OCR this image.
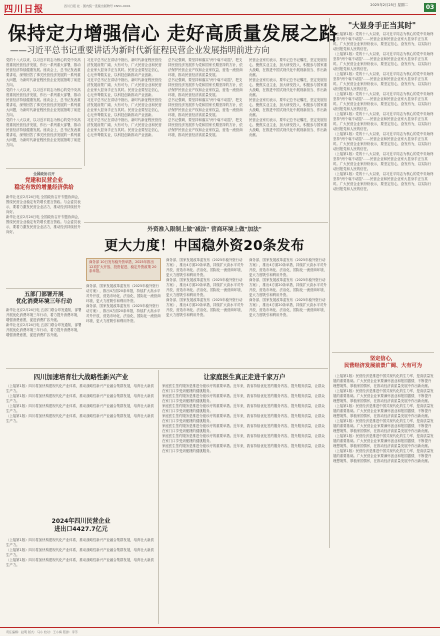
四川日报	四川日报 社 · 国内统一连续出版物号 CN51-0001	2025年2月25日 星期二	03
保持定力增强信心 走好高质量发展之路
——习近平总书记重要讲话为新时代新征程民营企业发展指明前进方向

党的十八大以来，以习近平同志为核心的党中央高度重视民营经济发展，作出一系列重大部署，推动民营经济持续健康发展。座谈会上，总书记发表重要讲话，深刻回答了事关民营经济发展的一系列重大问题，为新时代新征程民营企业发展指明了前进方向。

党的十八大以来，以习近平同志为核心的党中央高度重视民营经济发展，作出一系列重大部署，推动民营经济持续健康发展。座谈会上，总书记发表重要讲话，深刻回答了事关民营经济发展的一系列重大问题，为新时代新征程民营企业发展指明了前进方向。

党的十八大以来，以习近平同志为核心的党中央高度重视民营经济发展，作出一系列重大部署，推动民营经济持续健康发展。座谈会上，总书记发表重要讲话，深刻回答了事关民营经济发展的一系列重大问题，为新时代新征程民营企业发展指明了前进方向。

习近平总书记在讲话中指出，新时代新征程民营经济发展前景广阔、大有可为，广大民营企业和民营企业家大显身手正当其时。民营企业要坚定信心，心无旁骛做实业，以科技创新推动产业创新。

习近平总书记在讲话中指出，新时代新征程民营经济发展前景广阔、大有可为，广大民营企业和民营企业家大显身手正当其时。民营企业要坚定信心，心无旁骛做实业，以科技创新推动产业创新。

习近平总书记在讲话中指出，新时代新征程民营经济发展前景广阔、大有可为，广大民营企业和民营企业家大显身手正当其时。民营企业要坚定信心，心无旁骛做实业，以科技创新推动产业创新。

习近平总书记在讲话中指出，新时代新征程民营经济发展前景广阔、大有可为，广大民营企业和民营企业家大显身手正当其时。民营企业要坚定信心，心无旁骛做实业，以科技创新推动产业创新。

总书记强调，要坚持和落实"两个毫不动摇"，把支持民营经济发展作为党和国家长期坚持的方针，依法保护民营企业产权和企业家权益，营造一流营商环境，推动民营经济高质量发展。

总书记强调，要坚持和落实"两个毫不动摇"，把支持民营经济发展作为党和国家长期坚持的方针，依法保护民营企业产权和企业家权益，营造一流营商环境，推动民营经济高质量发展。

总书记强调，要坚持和落实"两个毫不动摇"，把支持民营经济发展作为党和国家长期坚持的方针，依法保护民营企业产权和企业家权益，营造一流营商环境，推动民营经济高质量发展。

总书记强调，要坚持和落实"两个毫不动摇"，把支持民营经济发展作为党和国家长期坚持的方针，依法保护民营企业产权和企业家权益，营造一流营商环境，推动民营经济高质量发展。

民营企业家们表示，要牢记总书记嘱托，坚定发展信心，聚焦实业主业，加大研发投入，积极参与国家重大战略，在推进中国式现代化中展现新担当、作出新贡献。

民营企业家们表示，要牢记总书记嘱托，坚定发展信心，聚焦实业主业，加大研发投入，积极参与国家重大战略，在推进中国式现代化中展现新担当、作出新贡献。

民营企业家们表示，要牢记总书记嘱托，坚定发展信心，聚焦实业主业，加大研发投入，积极参与国家重大战略，在推进中国式现代化中展现新担当、作出新贡献。

民营企业家们表示，要牢记总书记嘱托，坚定发展信心，聚焦实业主业，加大研发投入，积极参与国家重大战略，在推进中国式现代化中展现新担当、作出新贡献。

"大显身手正当其时"

（上接第1版）党的十八大以来，以习近平同志为核心的党中央始终坚持"两个毫不动摇"……民营企业和民营企业家大显身手正当其时。广大民营企业家纷纷表示，要坚定信心，奋发有为，以实际行动回报党和人民的信任。

（上接第1版）党的十八大以来，以习近平同志为核心的党中央始终坚持"两个毫不动摇"……民营企业和民营企业家大显身手正当其时。广大民营企业家纷纷表示，要坚定信心，奋发有为，以实际行动回报党和人民的信任。

（上接第1版）党的十八大以来，以习近平同志为核心的党中央始终坚持"两个毫不动摇"……民营企业和民营企业家大显身手正当其时。广大民营企业家纷纷表示，要坚定信心，奋发有为，以实际行动回报党和人民的信任。

（上接第1版）党的十八大以来，以习近平同志为核心的党中央始终坚持"两个毫不动摇"……民营企业和民营企业家大显身手正当其时。广大民营企业家纷纷表示，要坚定信心，奋发有为，以实际行动回报党和人民的信任。

（上接第1版）党的十八大以来，以习近平同志为核心的党中央始终坚持"两个毫不动摇"……民营企业和民营企业家大显身手正当其时。广大民营企业家纷纷表示，要坚定信心，奋发有为，以实际行动回报党和人民的信任。

（上接第1版）党的十八大以来，以习近平同志为核心的党中央始终坚持"两个毫不动摇"……民营企业和民营企业家大显身手正当其时。广大民营企业家纷纷表示，要坚定信心，奋发有为，以实际行动回报党和人民的信任。

（上接第1版）党的十八大以来，以习近平同志为核心的党中央始终坚持"两个毫不动摇"……民营企业和民营企业家大显身手正当其时。广大民营企业家纷纷表示，要坚定信心，奋发有为，以实际行动回报党和人民的信任。

（上接第1版）党的十八大以来，以习近平同志为核心的党中央始终坚持"两个毫不动摇"……民营企业和民营企业家大显身手正当其时。广大民营企业家纷纷表示，要坚定信心，奋发有为，以实际行动回报党和人民的信任。

全国政协召开
党建和民营企业
稳定有效的增量经济供给

新华社北京2月24日电 全国政协召开专题协商会，围绕民营企业稳定有效增长建言资政。与会委员表示，要着力激发民营企业活力，推动经济持续回升向好。

新华社北京2月24日电 全国政协召开专题协商会，围绕民营企业稳定有效增长建言资政。与会委员表示，要着力激发民营企业活力，推动经济持续回升向好。

五部门部署开展
优化消费环境三年行动

新华社北京2月24日电 五部门联合印发通知，部署开展优化消费环境三年行动，着力提升消费环境，增强消费意愿，促进消费扩容升级。

新华社北京2月24日电 五部门联合印发通知，部署开展优化消费环境三年行动，着力提升消费环境，增强消费意愿，促进消费扩容升级。

外资准入限制上做"减法" 营商环境上做"加法"
更大力度！中国稳外资20条发布
商务部 10日发布稳外资举措，2025年推出12项扩大开放、投资促进、稳定外资政策 20 条举措。

商务部、国家发展改革委发布《2025年稳外资行动方案》，推出4方面20条举措，持续扩大高水平对外开放，营造市场化、法治化、国际化一流营商环境，更大力度吸引和利用外资。

商务部、国家发展改革委发布《2025年稳外资行动方案》，推出4方面20条举措，持续扩大高水平对外开放，营造市场化、法治化、国际化一流营商环境，更大力度吸引和利用外资。

商务部、国家发展改革委发布《2025年稳外资行动方案》，推出4方面20条举措，持续扩大高水平对外开放，营造市场化、法治化、国际化一流营商环境，更大力度吸引和利用外资。

商务部、国家发展改革委发布《2025年稳外资行动方案》，推出4方面20条举措，持续扩大高水平对外开放，营造市场化、法治化、国际化一流营商环境，更大力度吸引和利用外资。

商务部、国家发展改革委发布《2025年稳外资行动方案》，推出4方面20条举措，持续扩大高水平对外开放，营造市场化、法治化、国际化一流营商环境，更大力度吸引和利用外资。

商务部、国家发展改革委发布《2025年稳外资行动方案》，推出4方面20条举措，持续扩大高水平对外开放，营造市场化、法治化、国际化一流营商环境，更大力度吸引和利用外资。

商务部、国家发展改革委发布《2025年稳外资行动方案》，推出4方面20条举措，持续扩大高水平对外开放，营造市场化、法治化、国际化一流营商环境，更大力度吸引和利用外资。

商务部、国家发展改革委发布《2025年稳外资行动方案》，推出4方面20条举措，持续扩大高水平对外开放，营造市场化、法治化、国际化一流营商环境，更大力度吸引和利用外资。

四川加速培育壮大战略性新兴产业

（上接第1版）四川将加快构建现代化产业体系，推动战略性新兴产业融合集群发展，培育壮大新质生产力。

（上接第1版）四川将加快构建现代化产业体系，推动战略性新兴产业融合集群发展，培育壮大新质生产力。

（上接第1版）四川将加快构建现代化产业体系，推动战略性新兴产业融合集群发展，培育壮大新质生产力。

（上接第1版）四川将加快构建现代化产业体系，推动战略性新兴产业融合集群发展，培育壮大新质生产力。

2024年四川民营企业
进出口4427.7亿元

（上接第1版）四川将加快构建现代化产业体系，推动战略性新兴产业融合集群发展，培育壮大新质生产力。

（上接第1版）四川将加快构建现代化产业体系，推动战略性新兴产业融合集群发展，培育壮大新质生产力。

（上接第1版）四川将加快构建现代化产业体系，推动战略性新兴产业融合集群发展，培育壮大新质生产力。

让家庭医生真正走进千家万户

家庭医生签约服务是推进分级诊疗的重要举措。近年来，我省持续优化签约服务内容，提升服务质量，让群众在家门口享受到便捷的健康服务。

家庭医生签约服务是推进分级诊疗的重要举措。近年来，我省持续优化签约服务内容，提升服务质量，让群众在家门口享受到便捷的健康服务。

家庭医生签约服务是推进分级诊疗的重要举措。近年来，我省持续优化签约服务内容，提升服务质量，让群众在家门口享受到便捷的健康服务。

家庭医生签约服务是推进分级诊疗的重要举措。近年来，我省持续优化签约服务内容，提升服务质量，让群众在家门口享受到便捷的健康服务。

家庭医生签约服务是推进分级诊疗的重要举措。近年来，我省持续优化签约服务内容，提升服务质量，让群众在家门口享受到便捷的健康服务。

家庭医生签约服务是推进分级诊疗的重要举措。近年来，我省持续优化签约服务内容，提升服务质量，让群众在家门口享受到便捷的健康服务。

家庭医生签约服务是推进分级诊疗的重要举措。近年来，我省持续优化签约服务内容，提升服务质量，让群众在家门口享受到便捷的健康服务。

坚定信心，
民营经济发展前景广阔、大有可为

（上接第1版）民营经济是推进中国式现代化的生力军，是高质量发展的重要基础。广大民营企业家要满怀创业和报国激情，不断提升理想境界，厚植家国情怀，在推动经济高质量发展中作出新贡献。

（上接第1版）民营经济是推进中国式现代化的生力军，是高质量发展的重要基础。广大民营企业家要满怀创业和报国激情，不断提升理想境界，厚植家国情怀，在推动经济高质量发展中作出新贡献。

（上接第1版）民营经济是推进中国式现代化的生力军，是高质量发展的重要基础。广大民营企业家要满怀创业和报国激情，不断提升理想境界，厚植家国情怀，在推动经济高质量发展中作出新贡献。

（上接第1版）民营经济是推进中国式现代化的生力军，是高质量发展的重要基础。广大民营企业家要满怀创业和报国激情，不断提升理想境界，厚植家国情怀，在推动经济高质量发展中作出新贡献。

（上接第1版）民营经济是推进中国式现代化的生力军，是高质量发展的重要基础。广大民营企业家要满怀创业和报国激情，不断提升理想境界，厚植家国情怀，在推动经济高质量发展中作出新贡献。

（上接第1版）民营经济是推进中国式现代化的生力军，是高质量发展的重要基础。广大民营企业家要满怀创业和报国激情，不断提升理想境界，厚植家国情怀，在推动经济高质量发展中作出新贡献。

责任编辑：赵明 版式：马小 校对：王小梅 照排：李芳
